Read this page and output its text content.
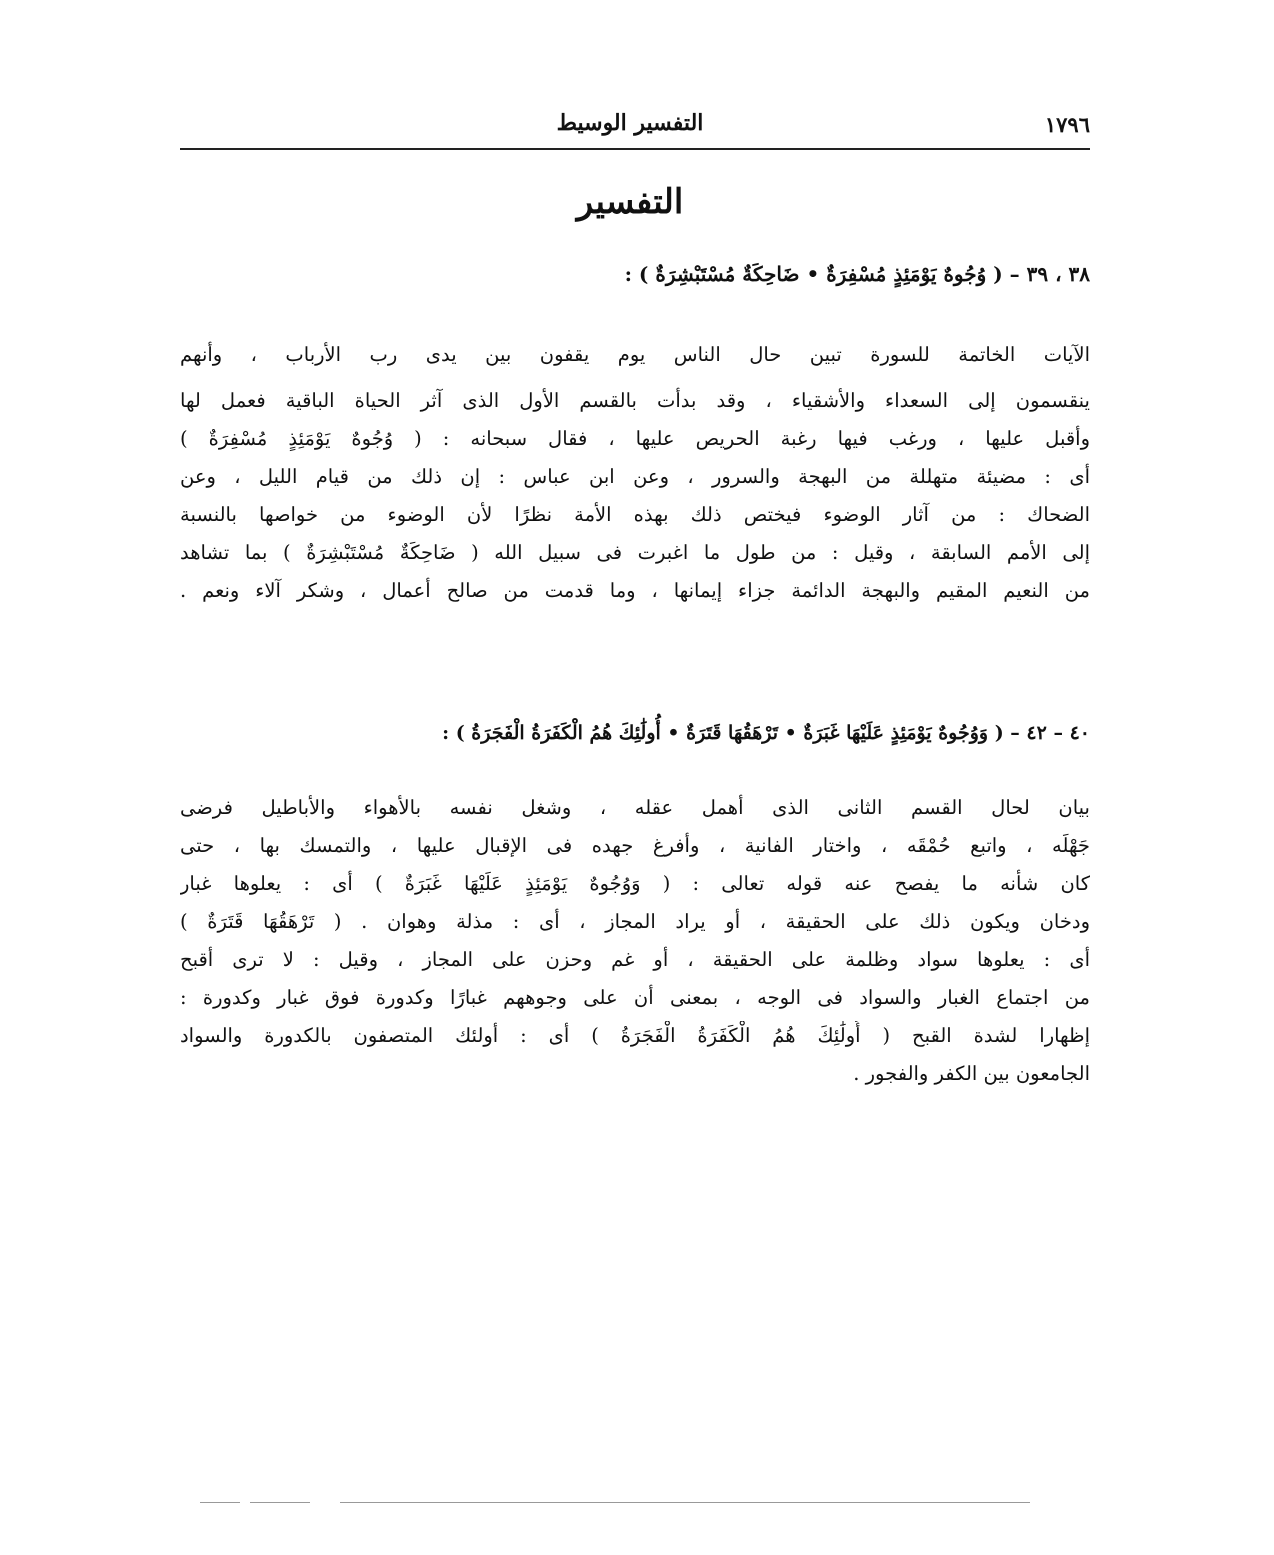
التفسير الوسيط	١٧٩٦
التفسير
٣٨ ، ٣٩ – ( وُجُوهٌ يَوْمَئِذٍ مُسْفِرَةٌ • ضَاحِكَةٌ مُسْتَبْشِرَةٌ ) :
الآيات الخاتمة للسورة تبين حال الناس يوم يقفون بين يدى رب الأرباب ، وأنهم
ينقسمون إلى السعداء والأشقياء ، وقد بدأت بالقسم الأول الذى آثر الحياة الباقية فعمل لها
وأقبل عليها ، ورغب فيها رغبة الحريص عليها ، فقال سبحانه : ( وُجُوهٌ يَوْمَئِذٍ مُسْفِرَةٌ )
أى : مضيئة متهللة من البهجة والسرور ، وعن ابن عباس : إن ذلك من قيام الليل ، وعن
الضحاك : من آثار الوضوء فيختص ذلك بهذه الأمة نظرًا لأن الوضوء من خواصها بالنسبة
إلى الأمم السابقة ، وقيل : من طول ما اغبرت فى سبيل الله ( ضَاحِكَةٌ مُسْتَبْشِرَةٌ ) بما تشاهد
من النعيم المقيم والبهجة الدائمة جزاء إيمانها ، وما قدمت من صالح أعمال ، وشكر آلاء ونعم .
٤٠ – ٤٢ – ( وَوُجُوهٌ يَوْمَئِذٍ عَلَيْهَا غَبَرَةٌ • تَرْهَقُهَا قَتَرَةٌ • أُولَٰئِكَ هُمُ الْكَفَرَةُ الْفَجَرَةُ ) :
بيان لحال القسم الثانى الذى أهمل عقله ، وشغل نفسه بالأهواء والأباطيل فرضى
جَهْلَه ، واتبع حُمْقَه ، واختار الفانية ، وأفرغ جهده فى الإقبال عليها ، والتمسك بها ، حتى
كان شأنه ما يفصح عنه قوله تعالى : ( وَوُجُوهٌ يَوْمَئِذٍ عَلَيْهَا غَبَرَةٌ ) أى : يعلوها غبار
ودخان ويكون ذلك على الحقيقة ، أو يراد المجاز ، أى : مذلة وهوان . ( تَرْهَقُهَا قَتَرَةٌ )
أى : يعلوها سواد وظلمة على الحقيقة ، أو غم وحزن على المجاز ، وقيل : لا ترى أقبح
من اجتماع الغبار والسواد فى الوجه ، بمعنى أن على وجوههم غبارًا وكدورة فوق غبار وكدورة :
إظهارا لشدة القبح ( أُولَٰئِكَ هُمُ الْكَفَرَةُ الْفَجَرَةُ ) أى : أولئك المتصفون بالكدورة والسواد
الجامعون بين الكفر والفجور .
